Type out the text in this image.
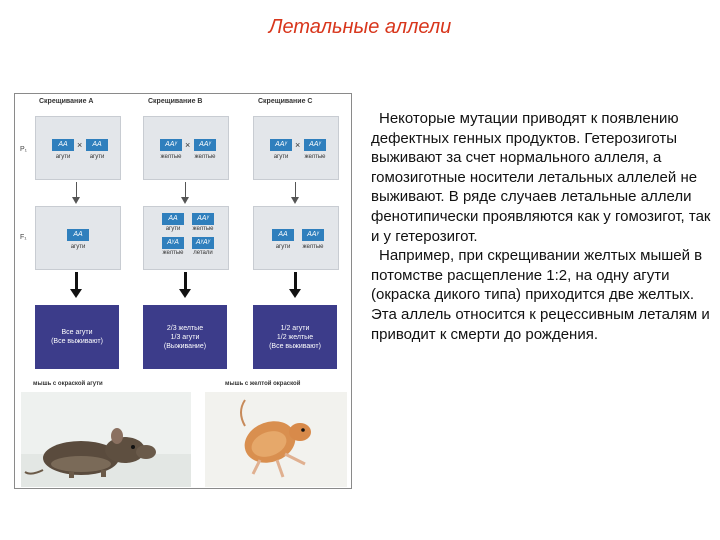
Летальные аллели
Скрещивание A	Скрещивание B	Скрещивание C
P₁
F₁
AA	×	AA
агути	агути
AAʸ ×	AAʸ
желтые	желтые
AAʸ ×	AAʸ
агути	желтые
AA
агути
AA
агути
AAʸ
желтые
AʸA
желтые
AʸAʸ
летали
AA
агути
AAʸ
желтые
Все агути
(Все выживают)
2/3 желтые
1/3 агути
(Выживание)
1/2 агути
1/2 желтые
(Все выживают)
мышь с окраской агути	мышь с желтой окраской

Некоторые мутации приводят к появлению дефектных генных продуктов. Гетерозиготы выживают за счет нормального аллеля, а гомозиготные носители летальных аллелей не выживают. В ряде случаев летальные аллели фенотипически проявляются как у гомозигот, так и у гетерозигот.

Например, при скрещивании желтых мышей в потомстве расщепление 1:2, на одну агути (окраска дикого типа) приходится две желтых. Эта аллель относится к рецессивным леталям и приводит к смерти до рождения.
